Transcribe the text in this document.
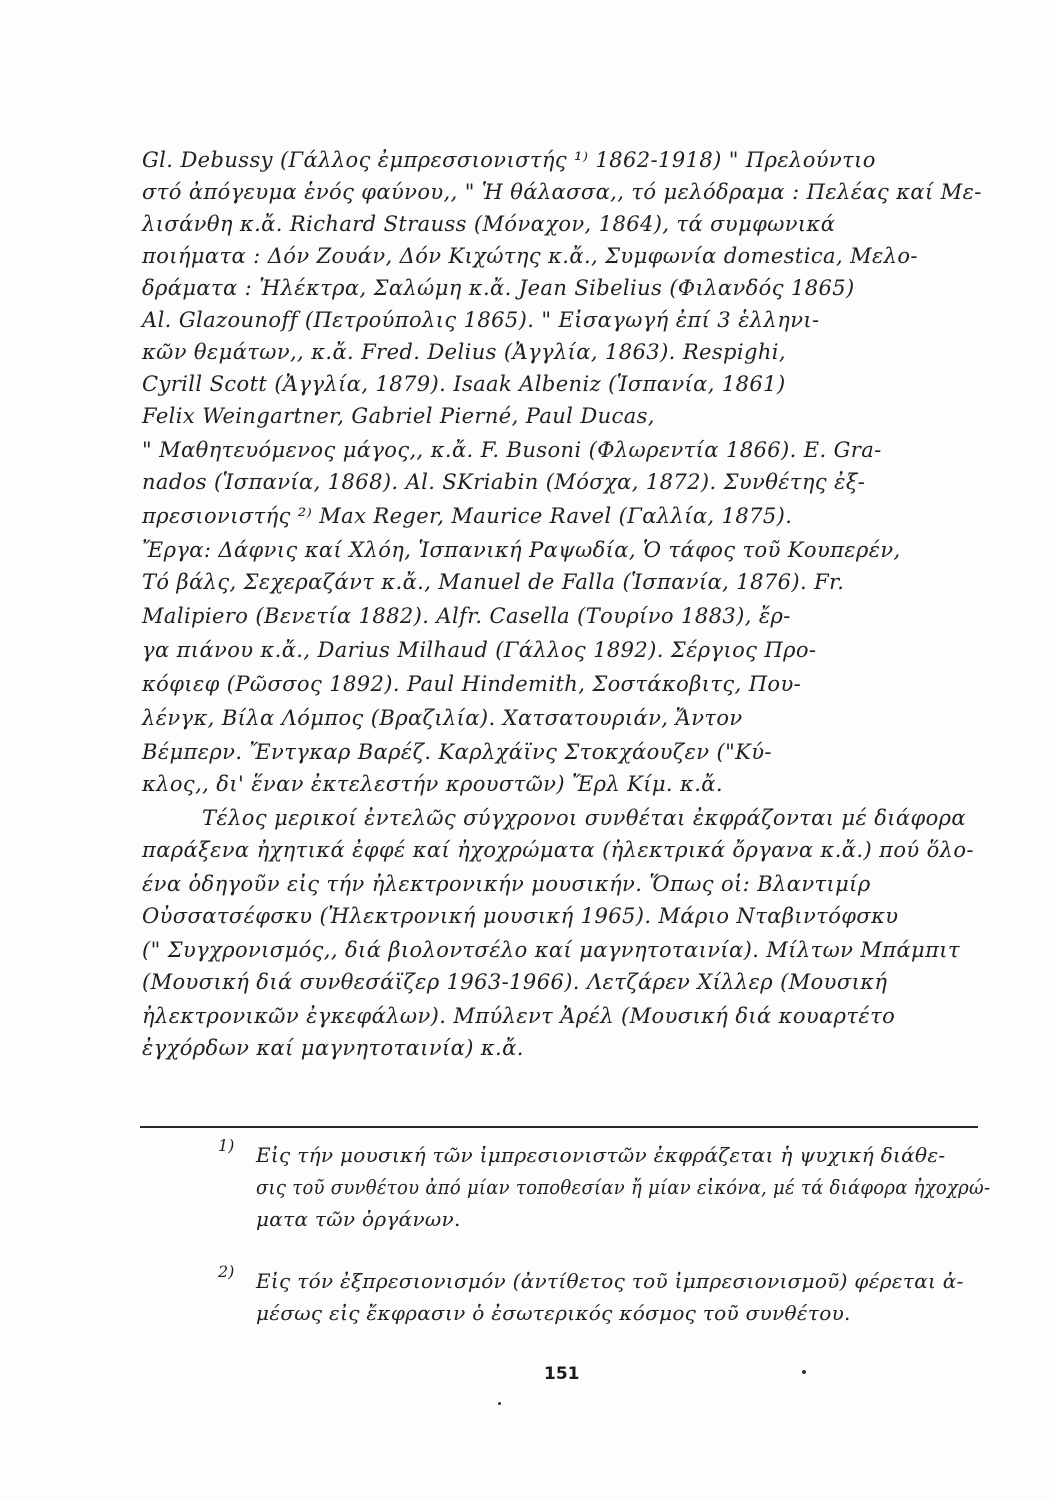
Gl. Debussy (Γάλλος ἐμπρεσσιονιστής ¹⁾ 1862-1918) " Πρελούντιο
στό ἀπόγευμα ἑνός φαύνου,, " Ἡ θάλασσα,, τό μελόδραμα : Πελέας καί Με-
λισάνθη κ.ἄ. Richard Strauss (Μόναχον, 1864), τά συμφωνικά
ποιήματα : Δόν Ζουάν, Δόν Κιχώτης κ.ἄ., Συμφωνία domestica, Μελο-
δράματα : Ἠλέκτρα, Σαλώμη κ.ἄ. Jean Sibelius (Φιλανδός 1865)
Al. Glazounoff (Πετρούπολις 1865). " Εἰσαγωγή ἐπί 3 ἑλληνι-
κῶν θεμάτων,, κ.ἄ. Fred. Delius (Ἀγγλία, 1863). Respighi,
Cyrill Scott (Ἀγγλία, 1879). Isaak Albeniz (Ἱσπανία, 1861)
Felix Weingartner, Gabriel Pierné, Paul Ducas,
" Μαθητευόμενος μάγος,, κ.ἄ. F. Busoni (Φλωρεντία 1866). E. Gra-
nados (Ἱσπανία, 1868). Al. SKriabin (Μόσχα, 1872). Συνθέτης ἐξ-
πρεσιονιστής ²⁾ Max Reger, Maurice Ravel (Γαλλία, 1875).
Ἔργα: Δάφνις καί Χλόη, Ἱσπανική Ραψωδία, Ὁ τάφος τοῦ Κουπερέν,
Τό βάλς, Σεχεραζάντ κ.ἄ., Manuel de Falla (Ἱσπανία, 1876). Fr.
Malipiero (Βενετία 1882). Alfr. Casella (Τουρίνο 1883), ἔρ-
γα πιάνου κ.ἄ., Darius Milhaud (Γάλλος 1892). Σέργιος Προ-
κόφιεφ (Ρῶσσος 1892). Paul Hindemith, Σοστάκοβιτς, Που-
λένγκ, Βίλα Λόμπος (Βραζιλία). Χατσατουριάν, Ἄντον
Βέμπερν. Ἔντγκαρ Βαρέζ. Καρλχάϊνς Στοκχάουζεν ("Κύ-
κλος,, δι' ἕναν ἐκτελεστήν κρουστῶν) Ἔρλ Κίμ. κ.ἄ.
Τέλος μερικοί ἐντελῶς σύγχρονοι συνθέται ἐκφράζονται μέ διάφορα
παράξενα ἠχητικά ἐφφέ καί ἠχοχρώματα (ἠλεκτρικά ὄργανα κ.ἄ.) πού ὅλο-
ένα ὁδηγοῦν εἰς τήν ἠλεκτρονικήν μουσικήν. Ὅπως οἱ: Βλαντιμίρ
Οὐσσατσέφσκυ (Ἠλεκτρονική μουσική 1965). Μάριο Νταβιντόφσκυ
(" Συγχρονισμός,, διά βιολοντσέλο καί μαγνητοταινία). Μίλτων Μπάμπιτ
(Μουσική διά συνθεσάϊζερ 1963-1966). Λετζάρεν Χίλλερ (Μουσική
ἠλεκτρονικῶν ἐγκεφάλων). Μπύλεντ Ἀρέλ (Μουσική διά κουαρτέτο
ἐγχόρδων καί μαγνητοταινία) κ.ἄ.
1) Εἰς τήν μουσική τῶν ἰμπρεσιονιστῶν ἐκφράζεται ἡ ψυχική διάθε-
σις τοῦ συνθέτου ἀπό μίαν τοποθεσίαν ἤ μίαν εἰκόνα, μέ τά διάφορα ἠχοχρώ-
ματα τῶν ὀργάνων.
2) Εἰς τόν ἐξπρεσιονισμόν (ἀντίθετος τοῦ ἰμπρεσιονισμοῦ) φέρεται ἀ-
μέσως εἰς ἔκφρασιν ὁ ἐσωτερικός κόσμος τοῦ συνθέτου.
151
